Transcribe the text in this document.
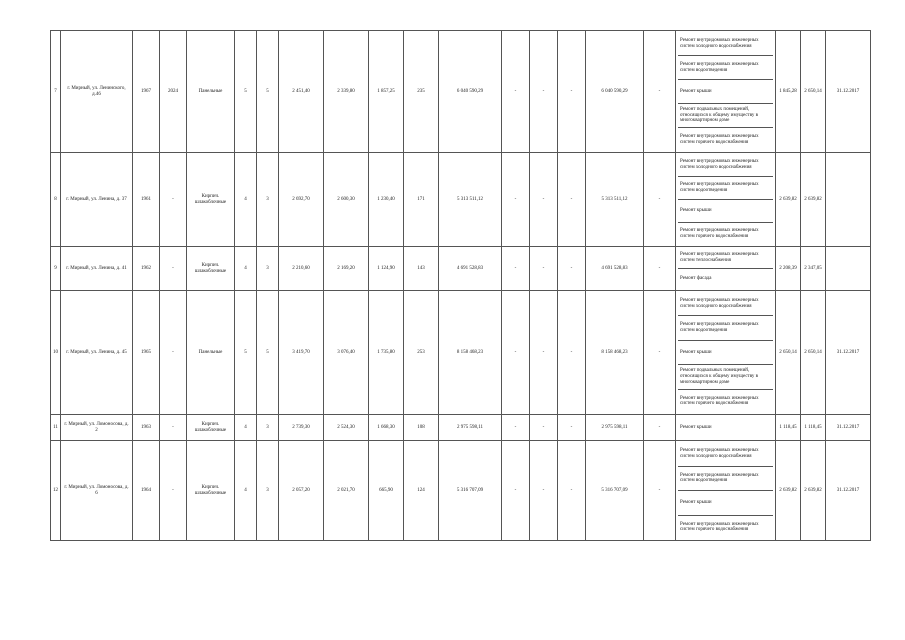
7	г. Мирный, ул. Ленинского, д.46	1967	2024	Панельные	5	5	2 451,40	2 339,80	1 857,25	235	6 040 590,29	-	-	-	6 040 590,29	-	Ремонт внутридомовых инженерных систем холодного водоснабжения
Ремонт внутридомовых инженерных систем водоотведения
Ремонт крыши
Ремонт подвальных помещений, относящихся к общему имуществу в многоквартирном доме
Ремонт внутридомовых инженерных систем горячего водоснабжения	1 845,28	2 650,14	31.12.2017
8	г. Мирный, ул. Ленина, д. 37	1961	-	Кирпич. шлакоблочные	4	3	2 692,70	2 600,30	1 230,40	171	5 313 511,12	-	-	-	5 313 511,12	-	Ремонт внутридомовых инженерных систем холодного водоснабжения
Ремонт внутридомовых инженерных систем водоотведения
Ремонт крыши
Ремонт внутридомовых инженерных систем горячего водоснабжения	2 639,82	2 639,82	
9	г. Мирный, ул. Ленина, д. 41	1962	-	Кирпич. шлакоблочные	4	3	2 210,60	2 169,20	1 124,90	143	4 691 528,83	-	-	-	4 691 528,83	-	Ремонт внутридомовых инженерных систем теплоснабжения
Ремонт фасада	2 208,39	2 347,05	
10	г. Мирный, ул. Ленина, д. 45	1965	-	Панельные	5	5	3 419,70	3 076,40	1 735,80	253	8 158 468,23	-	-	-	8 158 468,23	-	Ремонт внутридомовых инженерных систем холодного водоснабжения
Ремонт внутридомовых инженерных систем водоотведения
Ремонт крыши
Ремонт подвальных помещений, относящихся к общему имуществу в многоквартирном доме
Ремонт внутридомовых инженерных систем горячего водоснабжения	2 650,14	2 650,14	31.12.2017
11	г. Мирный, ул. Ломоносова, д. 2	1963	-	Кирпич. шлакоблочные	4	3	2 739,30	2 524,30	1 668,30	108	2 975 598,11	-	-	-	2 975 598,11	-	Ремонт крыши	1 118,45	1 118,45	31.12.2017
12	г. Мирный, ул. Ломоносова, д. 6	1964	-	Кирпич. шлакоблочные	4	3	2 057,20	2 021,70	665,90	124	5 316 707,09	-	-	-	5 316 707,09	-	Ремонт внутридомовых инженерных систем холодного водоснабжения
Ремонт внутридомовых инженерных систем водоотведения
Ремонт крыши
Ремонт внутридомовых инженерных систем горячего водоснабжения	2 639,82	2 639,82	31.12.2017
